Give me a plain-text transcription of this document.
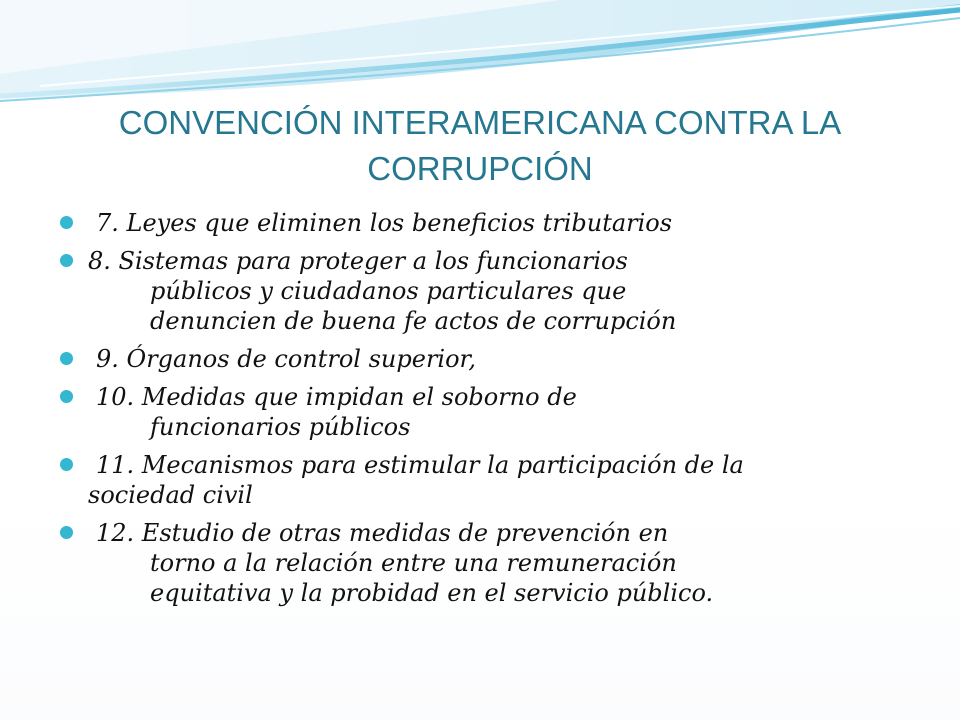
CONVENCIÓN INTERAMERICANA CONTRA LA
CORRUPCIÓN
7. Leyes que eliminen los beneficios tributarios
8. Sistemas para proteger a los funcionarios
públicos y ciudadanos particulares que
denuncien de buena fe actos de corrupción
9. Órganos de control superior,
10. Medidas que impidan el soborno de
funcionarios públicos
11. Mecanismos para estimular la participación de la
sociedad civil
12. Estudio de otras medidas de prevención en
torno a la relación entre una remuneración
equitativa y la probidad en el servicio público.
